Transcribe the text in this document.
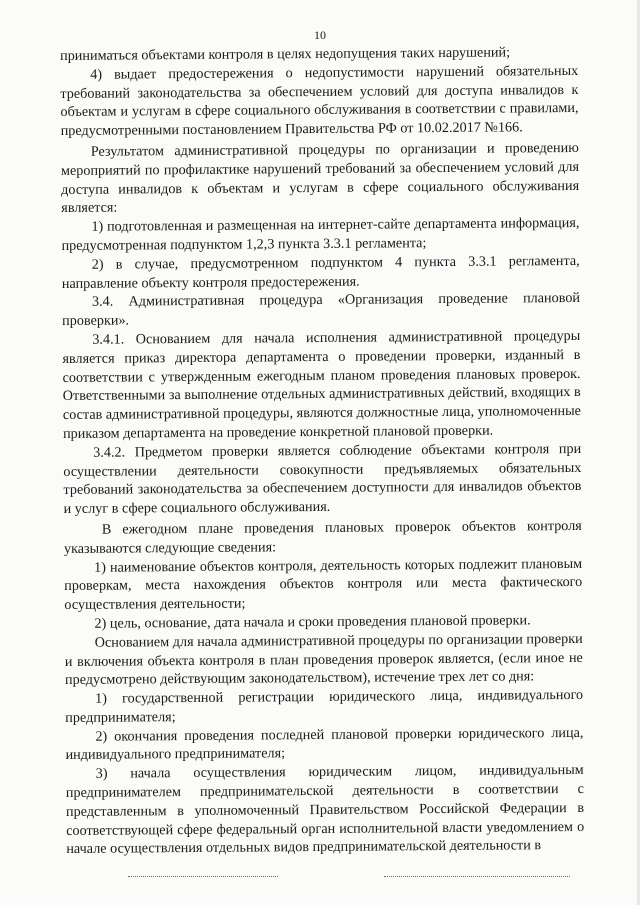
10

приниматься объектами контроля в целях недопущения таких нарушений;

4) выдает предостережения о недопустимости нарушений обязательных требований законодательства за обеспечением условий для доступа инвалидов к объектам и услугам в сфере социального обслуживания в соответствии с правилами, предусмотренными постановлением Правительства РФ от 10.02.2017 №166.

Результатом административной процедуры по организации и проведению мероприятий по профилактике нарушений требований за обеспечением условий для доступа инвалидов к объектам и услугам в сфере социального обслуживания является:

1) подготовленная и размещенная на интернет-сайте департамента информация, предусмотренная подпунктом 1,2,3 пункта 3.3.1 регламента;

2) в случае, предусмотренном подпунктом 4 пункта 3.3.1 регламента, направление объекту контроля предостережения.

3.4. Административная процедура «Организация проведение плановой проверки».

3.4.1. Основанием для начала исполнения административной процедуры является приказ директора департамента о проведении проверки, изданный в соответствии с утвержденным ежегодным планом проведения плановых проверок. Ответственными за выполнение отдельных административных действий, входящих в состав административной процедуры, являются должностные лица, уполномоченные приказом департамента на проведение конкретной плановой проверки.

3.4.2. Предметом проверки является соблюдение объектами контроля при осуществлении деятельности совокупности предъявляемых обязательных требований законодательства за обеспечением доступности для инвалидов объектов и услуг в сфере социального обслуживания.

В ежегодном плане проведения плановых проверок объектов контроля указываются следующие сведения:

1) наименование объектов контроля, деятельность которых подлежит плановым проверкам, места нахождения объектов контроля или места фактического осуществления деятельности;

2) цель, основание, дата начала и сроки проведения плановой проверки.

Основанием для начала административной процедуры по организации проверки и включения объекта контроля в план проведения проверок является, (если иное не предусмотрено действующим законодательством), истечение трех лет со дня:

1) государственной регистрации юридического лица, индивидуального предпринимателя;

2) окончания проведения последней плановой проверки юридического лица, индивидуального предпринимателя;

3) начала осуществления юридическим лицом, индивидуальным предпринимателем предпринимательской деятельности в соответствии с представленным в уполномоченный Правительством Российской Федерации в соответствующей сфере федеральный орган исполнительной власти уведомлением о начале осуществления отдельных видов предпринимательской деятельности в
